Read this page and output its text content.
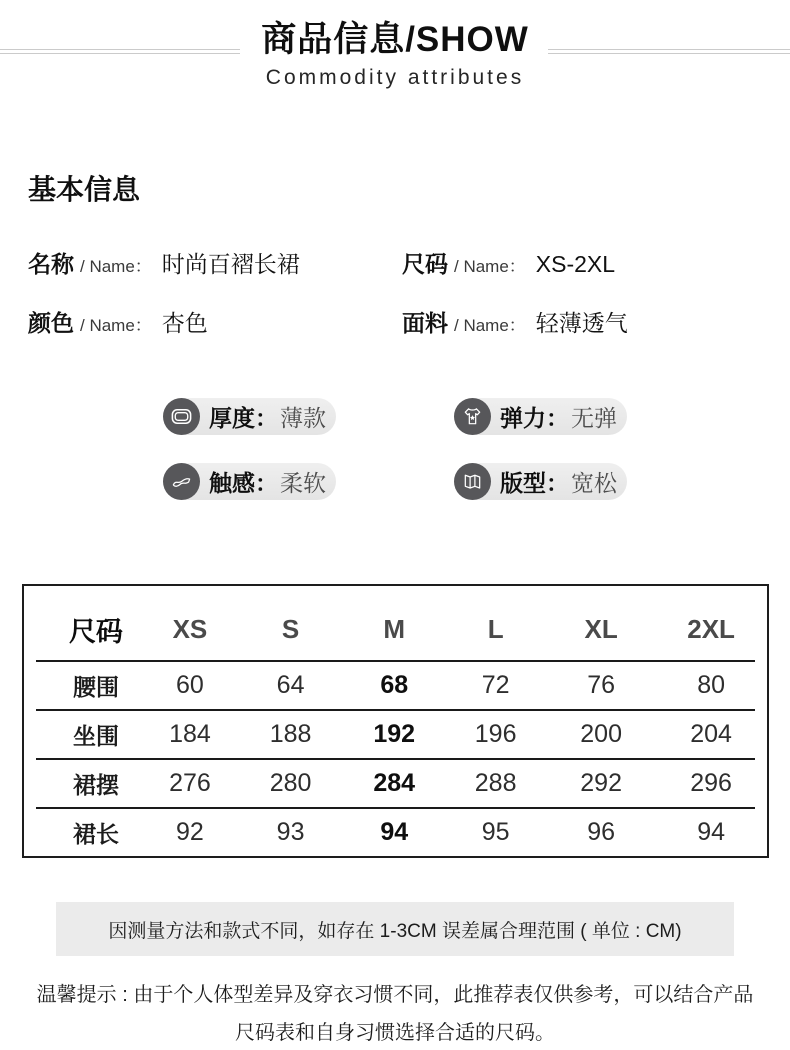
商品信息/SHOW
Commodity attributes
基本信息
名称 / Name： 时尚百褶长裙	尺码 / Name： XS-2XL
颜色 / Name： 杏色	面料 / Name： 轻薄透气
厚度： 薄款	弹力： 无弹
触感： 柔软	版型： 宽松
尺码	XS	S	M	L	XL	2XL
腰围	60	64	68	72	76	80
坐围	184	188	192	196	200	204
裙摆	276	280	284	288	292	296
裙长	92	93	94	95	96	94
因测量方法和款式不同，如存在 1-3CM 误差属合理范围 ( 单位 : CM)
温馨提示 : 由于个人体型差异及穿衣习惯不同，此推荐表仅供参考，可以结合产品
尺码表和自身习惯选择合适的尺码。
